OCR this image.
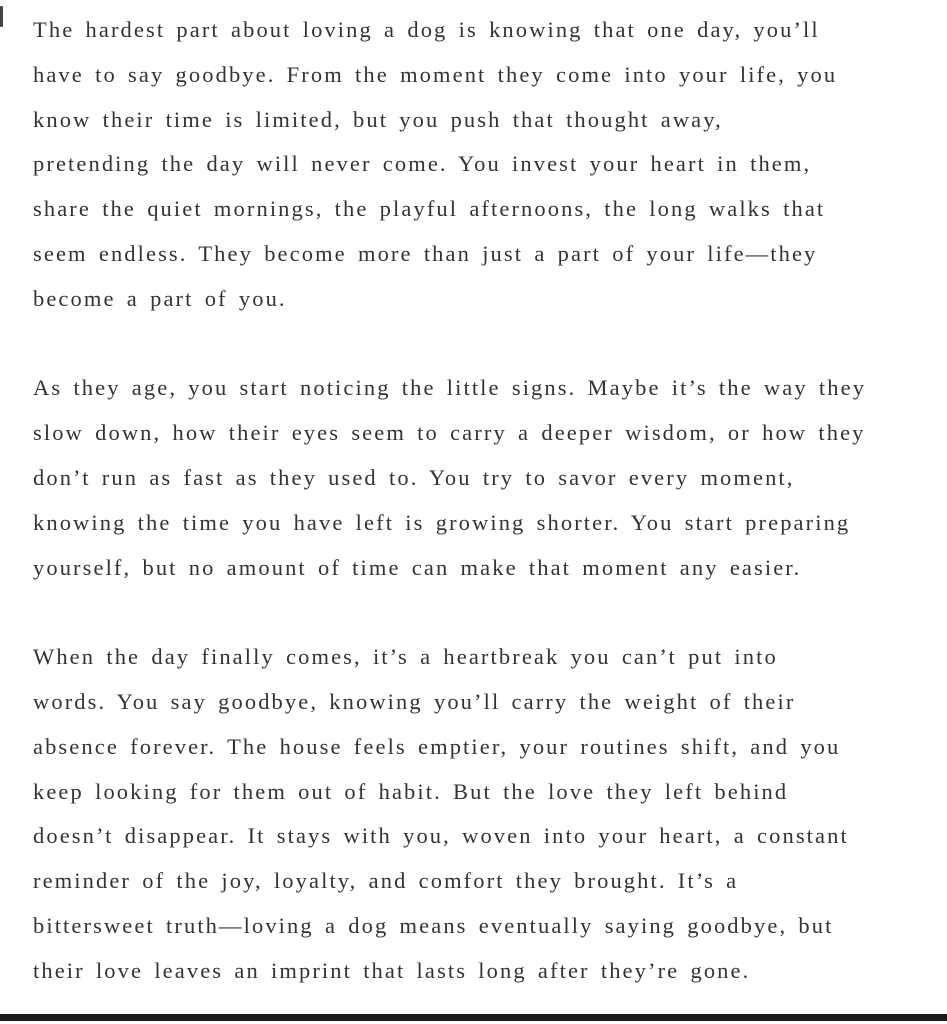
The hardest part about loving a dog is knowing that one day, you’ll
have to say goodbye. From the moment they come into your life, you
know their time is limited, but you push that thought away,
pretending the day will never come. You invest your heart in them,
share the quiet mornings, the playful afternoons, the long walks that
seem endless. They become more than just a part of your life—they
become a part of you.
As they age, you start noticing the little signs. Maybe it’s the way they
slow down, how their eyes seem to carry a deeper wisdom, or how they
don’t run as fast as they used to. You try to savor every moment,
knowing the time you have left is growing shorter. You start preparing
yourself, but no amount of time can make that moment any easier.
When the day finally comes, it’s a heartbreak you can’t put into
words. You say goodbye, knowing you’ll carry the weight of their
absence forever. The house feels emptier, your routines shift, and you
keep looking for them out of habit. But the love they left behind
doesn’t disappear. It stays with you, woven into your heart, a constant
reminder of the joy, loyalty, and comfort they brought. It’s a
bittersweet truth—loving a dog means eventually saying goodbye, but
their love leaves an imprint that lasts long after they’re gone.
